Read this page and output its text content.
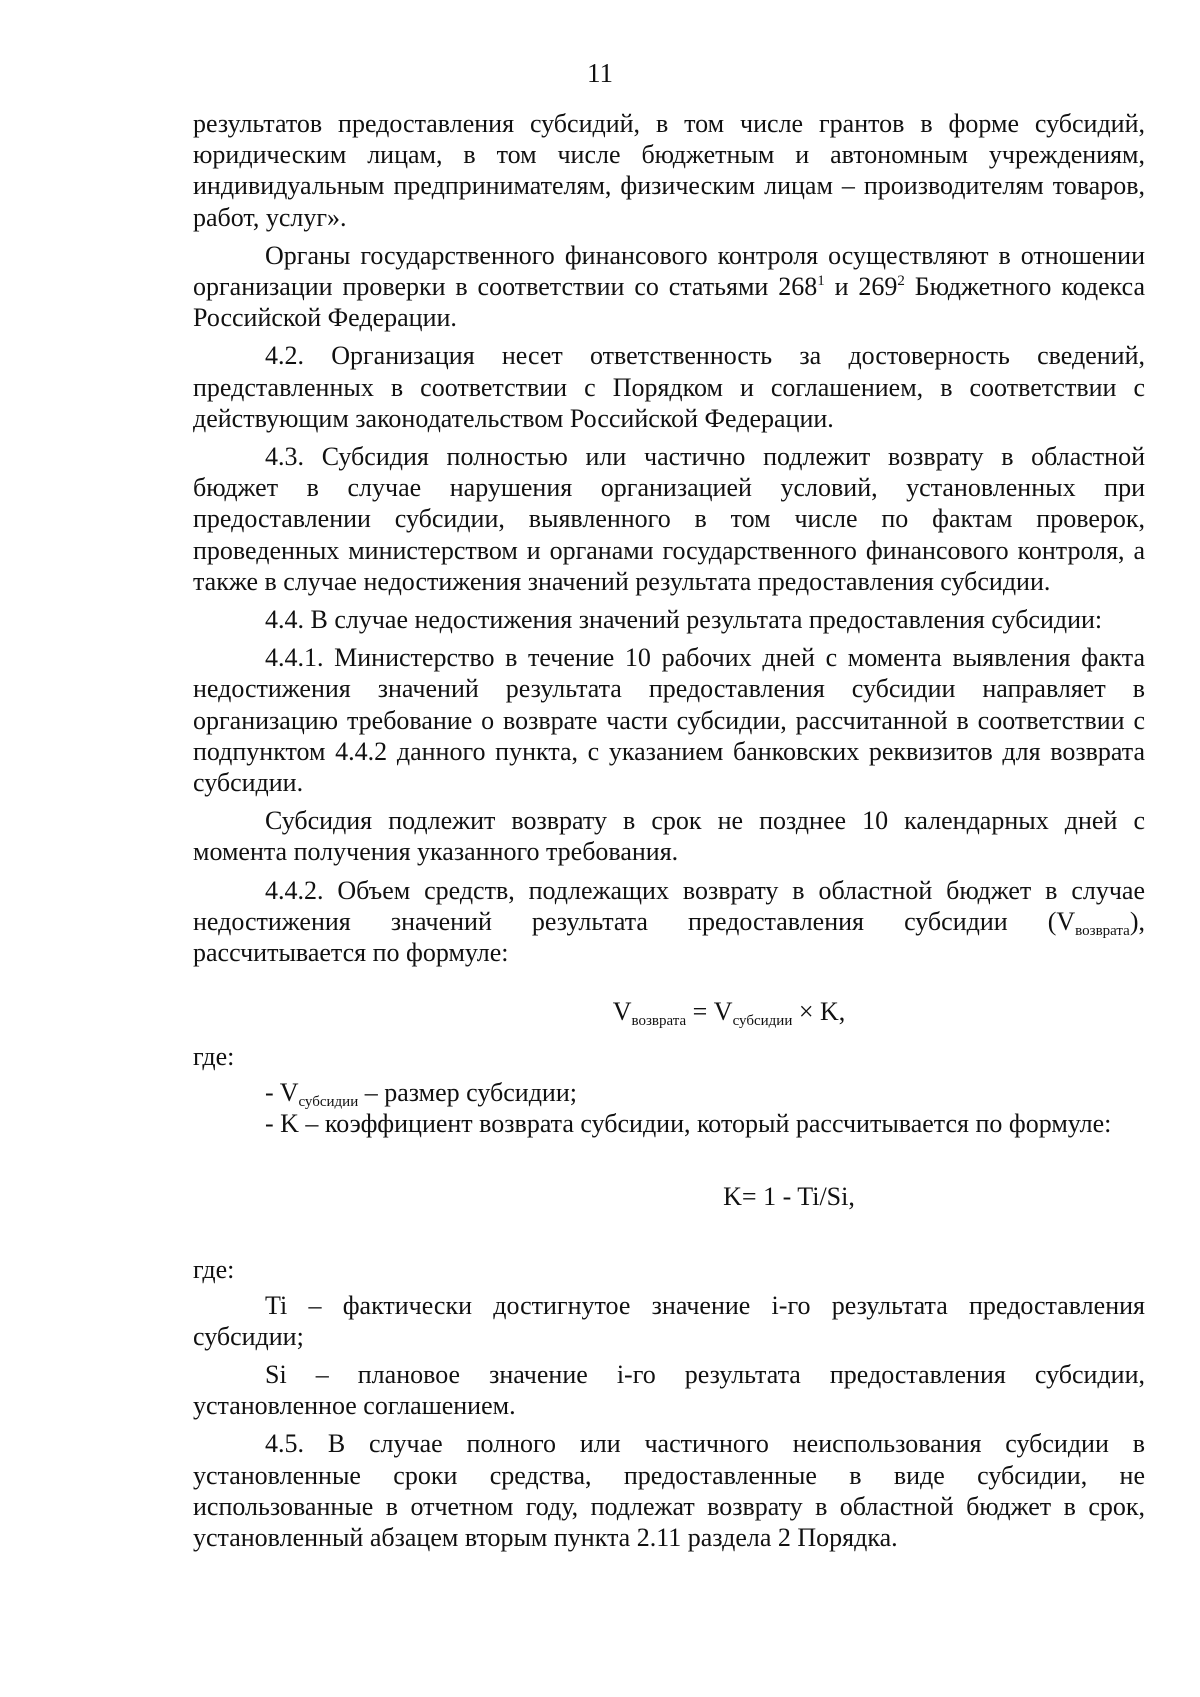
11

результатов предоставления субсидий, в том числе грантов в форме субсидий, юридическим лицам, в том числе бюджетным и автономным учреждениям, индивидуальным предпринимателям, физическим лицам – производителям товаров, работ, услуг».

Органы государственного финансового контроля осуществляют в отношении организации проверки в соответствии со статьями $268^1$ и $269^2$ Бюджетного кодекса Российской Федерации.

4.2. Организация несет ответственность за достоверность сведений, представленных в соответствии с Порядком и соглашением, в соответствии с действующим законодательством Российской Федерации.

4.3. Субсидия полностью или частично подлежит возврату в областной бюджет в случае нарушения организацией условий, установленных при предоставлении субсидии, выявленного в том числе по фактам проверок, проведенных министерством и органами государственного финансового контроля, а также в случае недостижения значений результата предоставления субсидии.

4.4. В случае недостижения значений результата предоставления субсидии:

4.4.1. Министерство в течение 10 рабочих дней с момента выявления факта недостижения значений результата предоставления субсидии направляет в организацию требование о возврате части субсидии, рассчитанной в соответствии с подпунктом 4.4.2 данного пункта, с указанием банковских реквизитов для возврата субсидии.

Субсидия подлежит возврату в срок не позднее 10 календарных дней с момента получения указанного требования.

4.4.2. Объем средств, подлежащих возврату в областной бюджет в случае недостижения значений результата предоставления субсидии $(V_{возврата})$, рассчитывается по формуле:

$V_{возврата} = V_{субсидии} \times K$,

где:

- $V_{субсидии}$ – размер субсидии;

- K – коэффициент возврата субсидии, который рассчитывается по формуле:

K= 1 - Ti/Si,

где:

Ti – фактически достигнутое значение i-го результата предоставления субсидии;

Si – плановое значение i-го результата предоставления субсидии, установленное соглашением.

4.5. В случае полного или частичного неиспользования субсидии в установленные сроки средства, предоставленные в виде субсидии, не использованные в отчетном году, подлежат возврату в областной бюджет в срок, установленный абзацем вторым пункта 2.11 раздела 2 Порядка.
